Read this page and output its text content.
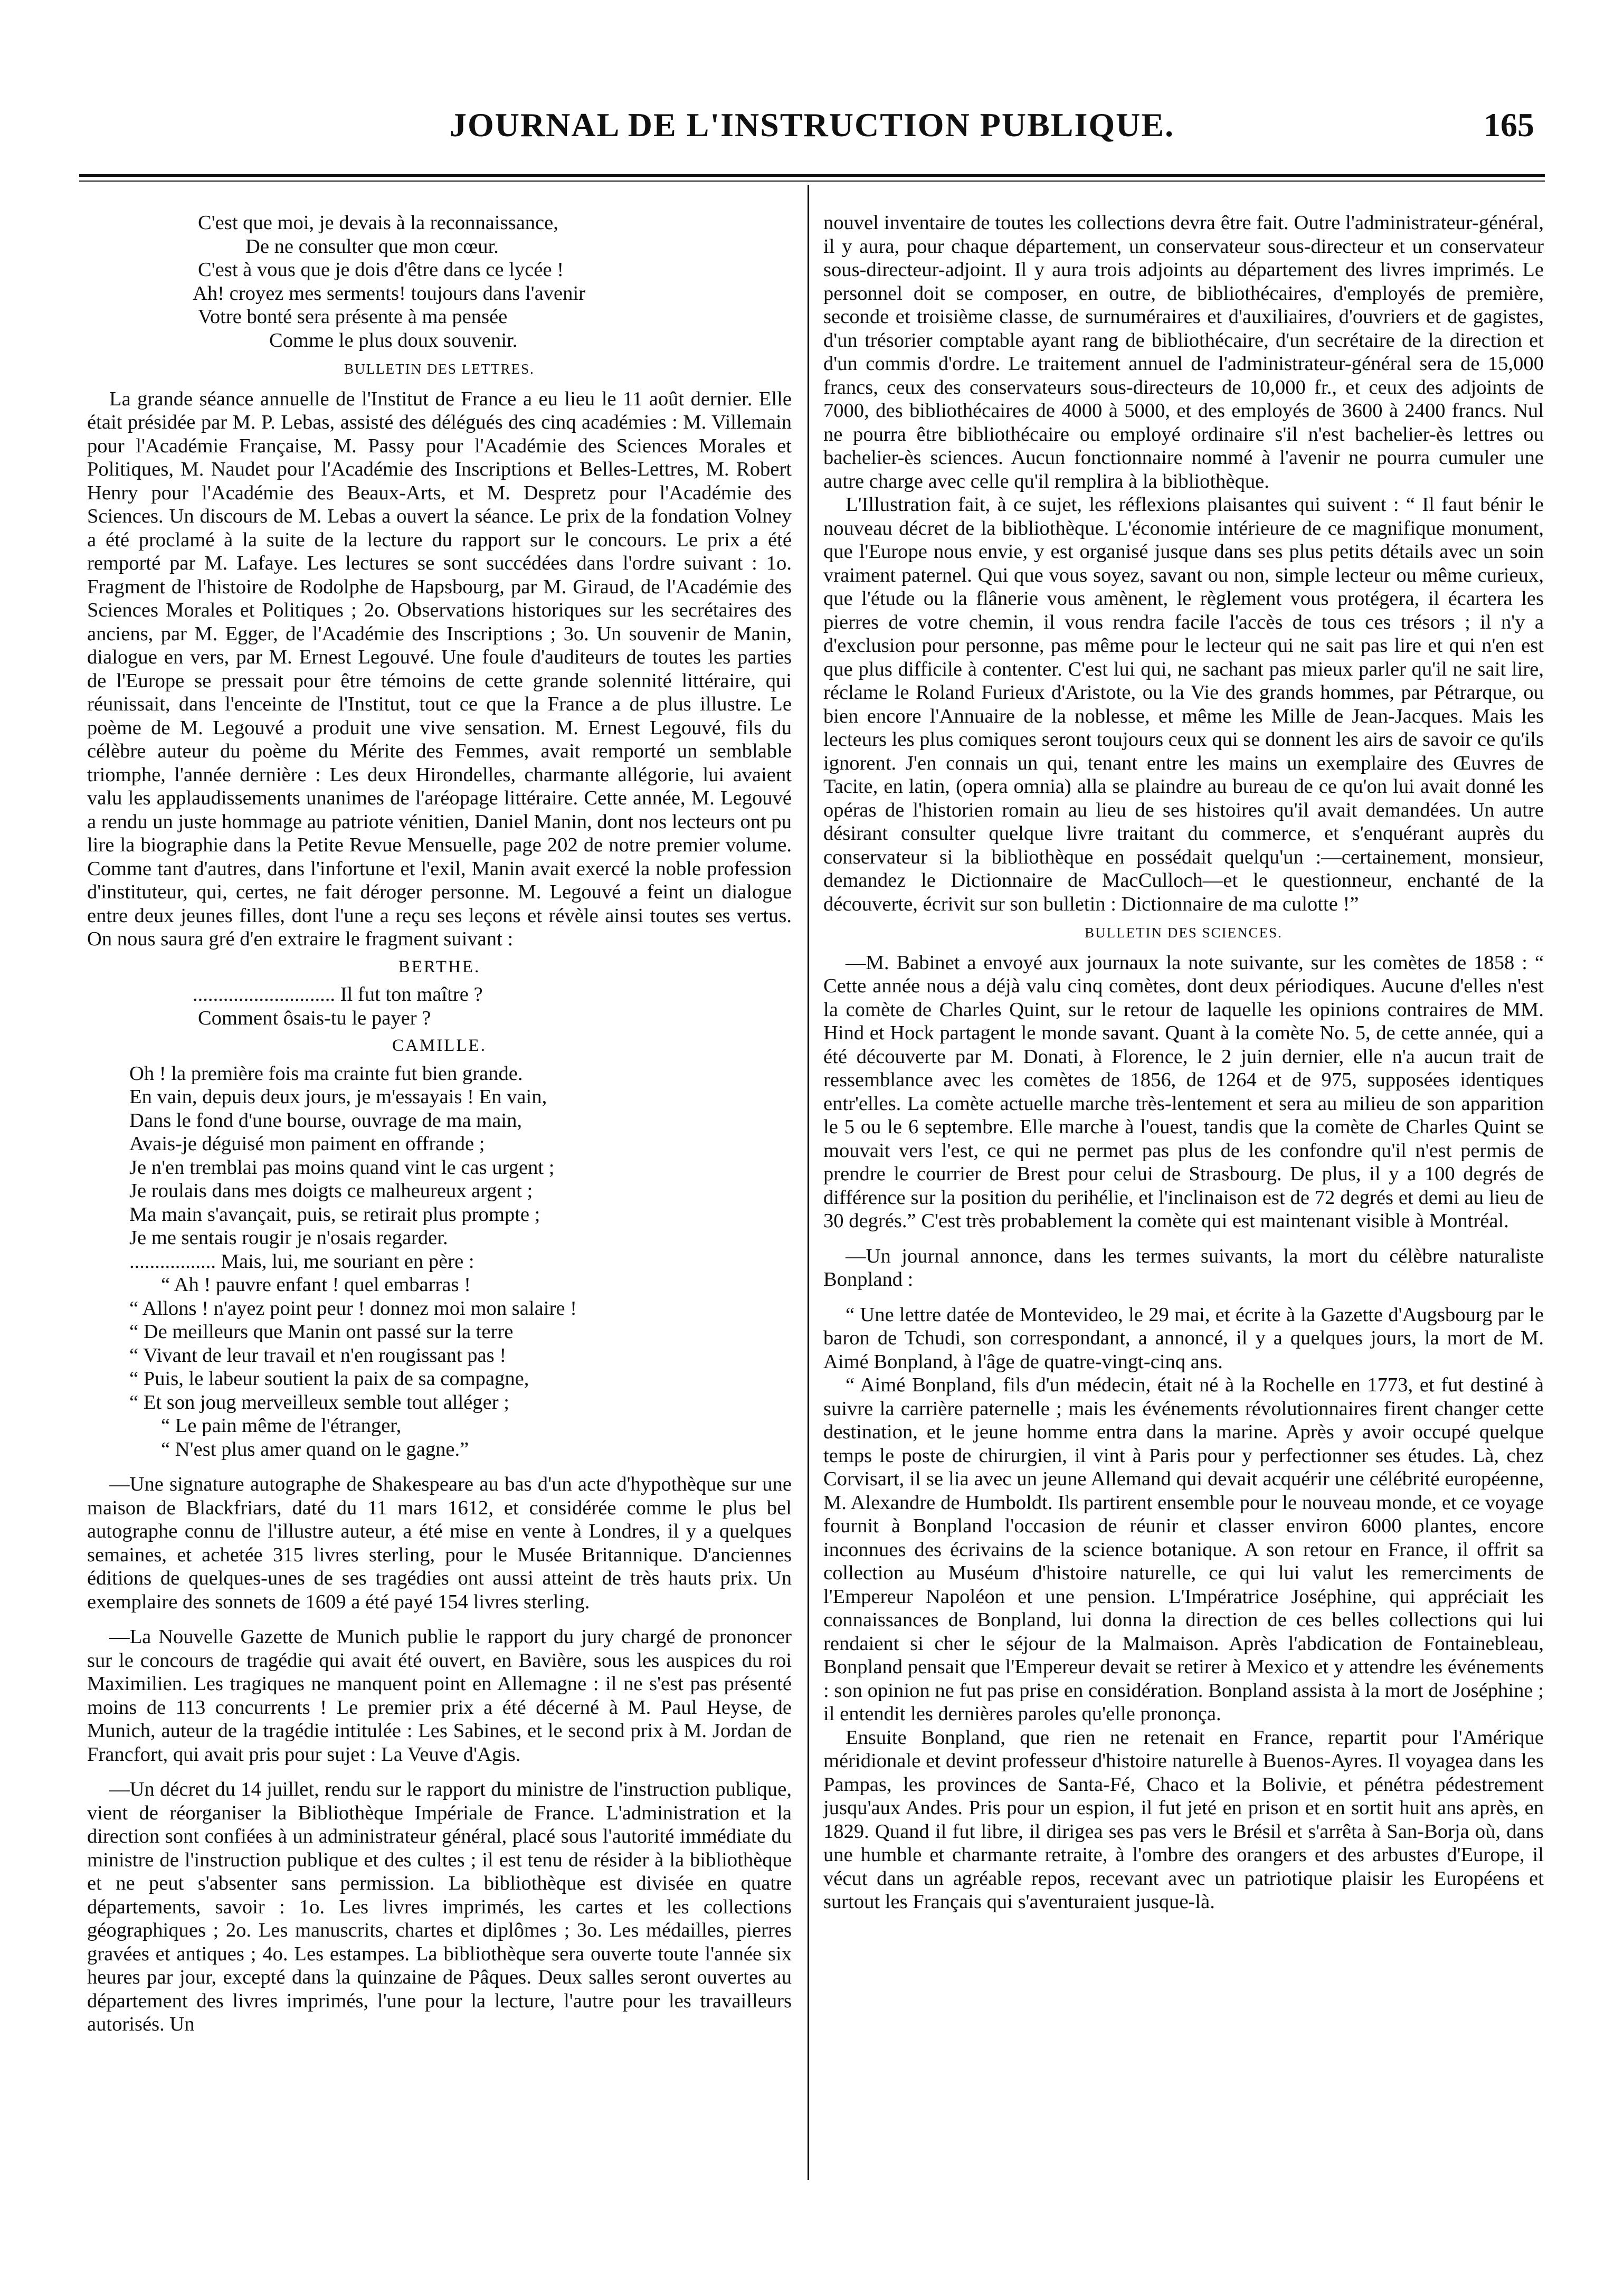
JOURNAL DE L'INSTRUCTION PUBLIQUE.	165
C'est que moi, je devais à la reconnaissance,
De ne consulter que mon cœur.
C'est à vous que je dois d'être dans ce lycée !
Ah! croyez mes serments! toujours dans l'avenir
Votre bonté sera présente à ma pensée
Comme le plus doux souvenir.
BULLETIN DES LETTRES.

La grande séance annuelle de l'Institut de France a eu lieu le 11 août dernier. Elle était présidée par M. P. Lebas, assisté des délégués des cinq académies : M. Villemain pour l'Académie Française, M. Passy pour l'Académie des Sciences Morales et Politiques, M. Naudet pour l'Académie des Inscriptions et Belles-Lettres, M. Robert Henry pour l'Académie des Beaux-Arts, et M. Despretz pour l'Académie des Sciences. Un discours de M. Lebas a ouvert la séance. Le prix de la fondation Volney a été proclamé à la suite de la lecture du rapport sur le concours. Le prix a été remporté par M. Lafaye. Les lectures se sont succédées dans l'ordre suivant : 1o. Fragment de l'histoire de Rodolphe de Hapsbourg, par M. Giraud, de l'Académie des Sciences Morales et Politiques ; 2o. Observations historiques sur les secrétaires des anciens, par M. Egger, de l'Académie des Inscriptions ; 3o. Un souvenir de Manin, dialogue en vers, par M. Ernest Legouvé. Une foule d'auditeurs de toutes les parties de l'Europe se pressait pour être témoins de cette grande solennité littéraire, qui réunissait, dans l'enceinte de l'Institut, tout ce que la France a de plus illustre. Le poème de M. Legouvé a produit une vive sensation. M. Ernest Legouvé, fils du célèbre auteur du poème du Mérite des Femmes, avait remporté un semblable triomphe, l'année dernière : Les deux Hirondelles, charmante allégorie, lui avaient valu les applaudissements unanimes de l'aréopage littéraire. Cette année, M. Legouvé a rendu un juste hommage au patriote vénitien, Daniel Manin, dont nos lecteurs ont pu lire la biographie dans la Petite Revue Mensuelle, page 202 de notre premier volume. Comme tant d'autres, dans l'infortune et l'exil, Manin avait exercé la noble profession d'instituteur, qui, certes, ne fait déroger personne. M. Legouvé a feint un dialogue entre deux jeunes filles, dont l'une a reçu ses leçons et révèle ainsi toutes ses vertus. On nous saura gré d'en extraire le fragment suivant :

BERTHE.
............................ Il fut ton maître ?
Comment ôsais-tu le payer ?
CAMILLE.
Oh ! la première fois ma crainte fut bien grande.
En vain, depuis deux jours, je m'essayais ! En vain,
Dans le fond d'une bourse, ouvrage de ma main,
Avais-je déguisé mon paiment en offrande ;
Je n'en tremblai pas moins quand vint le cas urgent ;
Je roulais dans mes doigts ce malheureux argent ;
Ma main s'avançait, puis, se retirait plus prompte ;
Je me sentais rougir je n'osais regarder.
................. Mais, lui, me souriant en père :
“ Ah ! pauvre enfant ! quel embarras !
“ Allons ! n'ayez point peur ! donnez moi mon salaire !
“ De meilleurs que Manin ont passé sur la terre
“ Vivant de leur travail et n'en rougissant pas !
“ Puis, le labeur soutient la paix de sa compagne,
“ Et son joug merveilleux semble tout alléger ;
“ Le pain même de l'étranger,
“ N'est plus amer quand on le gagne.”

—Une signature autographe de Shakespeare au bas d'un acte d'hypothèque sur une maison de Blackfriars, daté du 11 mars 1612, et considérée comme le plus bel autographe connu de l'illustre auteur, a été mise en vente à Londres, il y a quelques semaines, et achetée 315 livres sterling, pour le Musée Britannique. D'anciennes éditions de quelques-unes de ses tragédies ont aussi atteint de très hauts prix. Un exemplaire des sonnets de 1609 a été payé 154 livres sterling.

—La Nouvelle Gazette de Munich publie le rapport du jury chargé de prononcer sur le concours de tragédie qui avait été ouvert, en Bavière, sous les auspices du roi Maximilien. Les tragiques ne manquent point en Allemagne : il ne s'est pas présenté moins de 113 concurrents ! Le premier prix a été décerné à M. Paul Heyse, de Munich, auteur de la tragédie intitulée : Les Sabines, et le second prix à M. Jordan de Francfort, qui avait pris pour sujet : La Veuve d'Agis.

—Un décret du 14 juillet, rendu sur le rapport du ministre de l'instruction publique, vient de réorganiser la Bibliothèque Impériale de France. L'administration et la direction sont confiées à un administrateur général, placé sous l'autorité immédiate du ministre de l'instruction publique et des cultes ; il est tenu de résider à la bibliothèque et ne peut s'absenter sans permission. La bibliothèque est divisée en quatre départements, savoir : 1o. Les livres imprimés, les cartes et les collections géographiques ; 2o. Les manuscrits, chartes et diplômes ; 3o. Les médailles, pierres gravées et antiques ; 4o. Les estampes. La bibliothèque sera ouverte toute l'année six heures par jour, excepté dans la quinzaine de Pâques. Deux salles seront ouvertes au département des livres imprimés, l'une pour la lecture, l'autre pour les travailleurs autorisés. Un

nouvel inventaire de toutes les collections devra être fait. Outre l'administrateur-général, il y aura, pour chaque département, un conservateur sous-directeur et un conservateur sous-directeur-adjoint. Il y aura trois adjoints au département des livres imprimés. Le personnel doit se composer, en outre, de bibliothécaires, d'employés de première, seconde et troisième classe, de surnuméraires et d'auxiliaires, d'ouvriers et de gagistes, d'un trésorier comptable ayant rang de bibliothécaire, d'un secrétaire de la direction et d'un commis d'ordre. Le traitement annuel de l'administrateur-général sera de 15,000 francs, ceux des conservateurs sous-directeurs de 10,000 fr., et ceux des adjoints de 7000, des bibliothécaires de 4000 à 5000, et des employés de 3600 à 2400 francs. Nul ne pourra être bibliothécaire ou employé ordinaire s'il n'est bachelier-ès lettres ou bachelier-ès sciences. Aucun fonctionnaire nommé à l'avenir ne pourra cumuler une autre charge avec celle qu'il remplira à la bibliothèque.

L'Illustration fait, à ce sujet, les réflexions plaisantes qui suivent : “ Il faut bénir le nouveau décret de la bibliothèque. L'économie intérieure de ce magnifique monument, que l'Europe nous envie, y est organisé jusque dans ses plus petits détails avec un soin vraiment paternel. Qui que vous soyez, savant ou non, simple lecteur ou même curieux, que l'étude ou la flânerie vous amènent, le règlement vous protégera, il écartera les pierres de votre chemin, il vous rendra facile l'accès de tous ces trésors ; il n'y a d'exclusion pour personne, pas même pour le lecteur qui ne sait pas lire et qui n'en est que plus difficile à contenter. C'est lui qui, ne sachant pas mieux parler qu'il ne sait lire, réclame le Roland Furieux d'Aristote, ou la Vie des grands hommes, par Pétrarque, ou bien encore l'Annuaire de la noblesse, et même les Mille de Jean-Jacques. Mais les lecteurs les plus comiques seront toujours ceux qui se donnent les airs de savoir ce qu'ils ignorent. J'en connais un qui, tenant entre les mains un exemplaire des Œuvres de Tacite, en latin, (opera omnia) alla se plaindre au bureau de ce qu'on lui avait donné les opéras de l'historien romain au lieu de ses histoires qu'il avait demandées. Un autre désirant consulter quelque livre traitant du commerce, et s'enquérant auprès du conservateur si la bibliothèque en possédait quelqu'un :—certainement, monsieur, demandez le Dictionnaire de MacCulloch—et le questionneur, enchanté de la découverte, écrivit sur son bulletin : Dictionnaire de ma culotte !”

BULLETIN DES SCIENCES.

—M. Babinet a envoyé aux journaux la note suivante, sur les comètes de 1858 : “ Cette année nous a déjà valu cinq comètes, dont deux périodiques. Aucune d'elles n'est la comète de Charles Quint, sur le retour de laquelle les opinions contraires de MM. Hind et Hock partagent le monde savant. Quant à la comète No. 5, de cette année, qui a été découverte par M. Donati, à Florence, le 2 juin dernier, elle n'a aucun trait de ressemblance avec les comètes de 1856, de 1264 et de 975, supposées identiques entr'elles. La comète actuelle marche très-lentement et sera au milieu de son apparition le 5 ou le 6 septembre. Elle marche à l'ouest, tandis que la comète de Charles Quint se mouvait vers l'est, ce qui ne permet pas plus de les confondre qu'il n'est permis de prendre le courrier de Brest pour celui de Strasbourg. De plus, il y a 100 degrés de différence sur la position du perihélie, et l'inclinaison est de 72 degrés et demi au lieu de 30 degrés.” C'est très probablement la comète qui est maintenant visible à Montréal.

—Un journal annonce, dans les termes suivants, la mort du célèbre naturaliste Bonpland :

“ Une lettre datée de Montevideo, le 29 mai, et écrite à la Gazette d'Augsbourg par le baron de Tchudi, son correspondant, a annoncé, il y a quelques jours, la mort de M. Aimé Bonpland, à l'âge de quatre-vingt-cinq ans.

“ Aimé Bonpland, fils d'un médecin, était né à la Rochelle en 1773, et fut destiné à suivre la carrière paternelle ; mais les événements révolutionnaires firent changer cette destination, et le jeune homme entra dans la marine. Après y avoir occupé quelque temps le poste de chirurgien, il vint à Paris pour y perfectionner ses études. Là, chez Corvisart, il se lia avec un jeune Allemand qui devait acquérir une célébrité européenne, M. Alexandre de Humboldt. Ils partirent ensemble pour le nouveau monde, et ce voyage fournit à Bonpland l'occasion de réunir et classer environ 6000 plantes, encore inconnues des écrivains de la science botanique. A son retour en France, il offrit sa collection au Muséum d'histoire naturelle, ce qui lui valut les remerciments de l'Empereur Napoléon et une pension. L'Impératrice Joséphine, qui appréciait les connaissances de Bonpland, lui donna la direction de ces belles collections qui lui rendaient si cher le séjour de la Malmaison. Après l'abdication de Fontainebleau, Bonpland pensait que l'Empereur devait se retirer à Mexico et y attendre les événements : son opinion ne fut pas prise en considération. Bonpland assista à la mort de Joséphine ; il entendit les dernières paroles qu'elle prononça.

Ensuite Bonpland, que rien ne retenait en France, repartit pour l'Amérique méridionale et devint professeur d'histoire naturelle à Buenos-Ayres. Il voyagea dans les Pampas, les provinces de Santa-Fé, Chaco et la Bolivie, et pénétra pédestrement jusqu'aux Andes. Pris pour un espion, il fut jeté en prison et en sortit huit ans après, en 1829. Quand il fut libre, il dirigea ses pas vers le Brésil et s'arrêta à San-Borja où, dans une humble et charmante retraite, à l'ombre des orangers et des arbustes d'Europe, il vécut dans un agréable repos, recevant avec un patriotique plaisir les Européens et surtout les Français qui s'aventuraient jusque-là.
